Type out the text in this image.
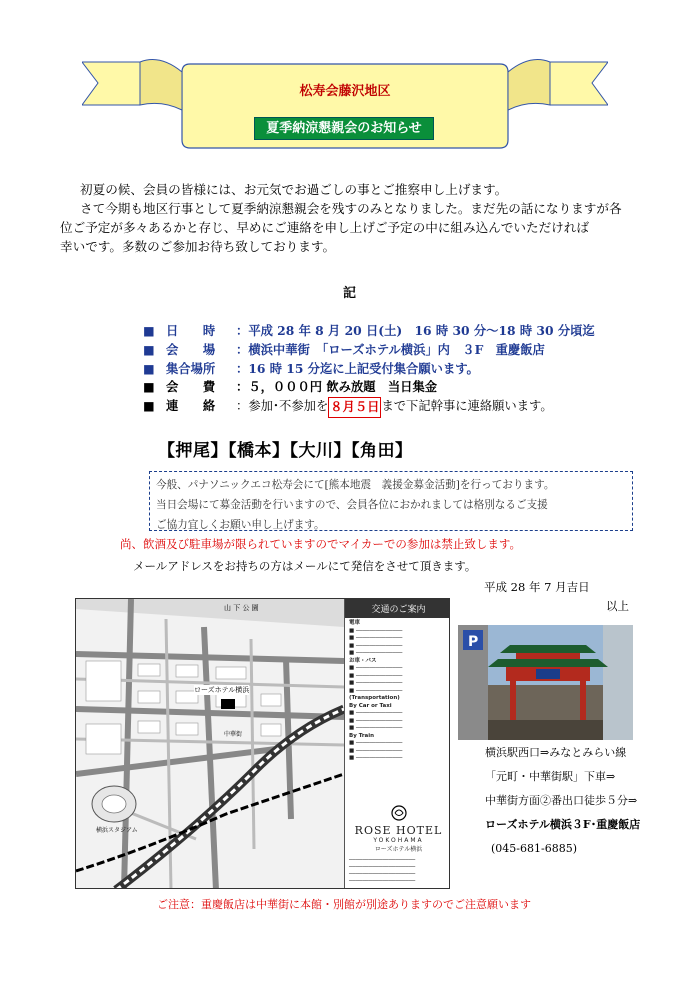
松寿会藤沢地区
夏季納涼懇親会のお知らせ
初夏の候、会員の皆様には、お元気でお過ごしの事とご推察申し上げます。
さて今期も地区行事として夏季納涼懇親会を残すのみとなりました。まだ先の話になりますが各
位ご予定が多々あるかと存じ、早めにご連絡を申し上げご予定の中に組み込んでいただければ
幸いです。多数のご参加お待ち致しております。
記
■ 日　　時	： 平成 28 年 8 月 20 日(土)　16 時 30 分～18 時 30 分頃迄
■ 会　　場	： 横浜中華街　「ローズホテル横浜」内　３F　重慶飯店
■ 集合場所	： 16 時 15 分迄に上記受付集合願います。
■ 会　　費	： ５，０００円 飲み放題　当日集金
■ 連　　絡	： 参加･不参加を ８月５日 まで下記幹事に連絡願います。
【押尾】【橋本】【大川】【角田】
今般、パナソニックエコ松寿会にて[熊本地震　義援金募金活動]を行っております。
当日会場にて募金活動を行いますので、会員各位におかれましては格別なるご支援
ご協力宜しくお願い申し上げます。
尚、飲酒及び駐車場が限られていますのでマイカーでの参加は禁止致します。
メールアドレスをお持ちの方はメールにて発信をさせて頂きます。
平成 28 年 7 月吉日
以上
山 下 公 園
ローズホテル横浜
横浜スタジアム
中華街
交通のご案内
電車
■ ──────────────
■ ──────────────
■ ──────────────
■ ──────────────
お車・バス
■ ──────────────
■ ──────────────
■ ──────────────
■ ──────────────
(Transportation)
By Car or Taxi
■ ──────────────
■ ──────────────
■ ──────────────
By Train
■ ──────────────
■ ──────────────
■ ──────────────
ROSE HOTEL
YOKOHAMA
ローズホテル横浜
────────────────────
────────────────────
────────────────────
────────────────────
P
横浜駅西口⇒みなとみらい線
「元町・中華街駅」下車⇒
中華街方面②番出口徒歩５分⇒
ローズホテル横浜３F･重慶飯店
(045-681-6885)
ご注意：重慶飯店は中華街に本館・別館が別途ありますのでご注意願います
